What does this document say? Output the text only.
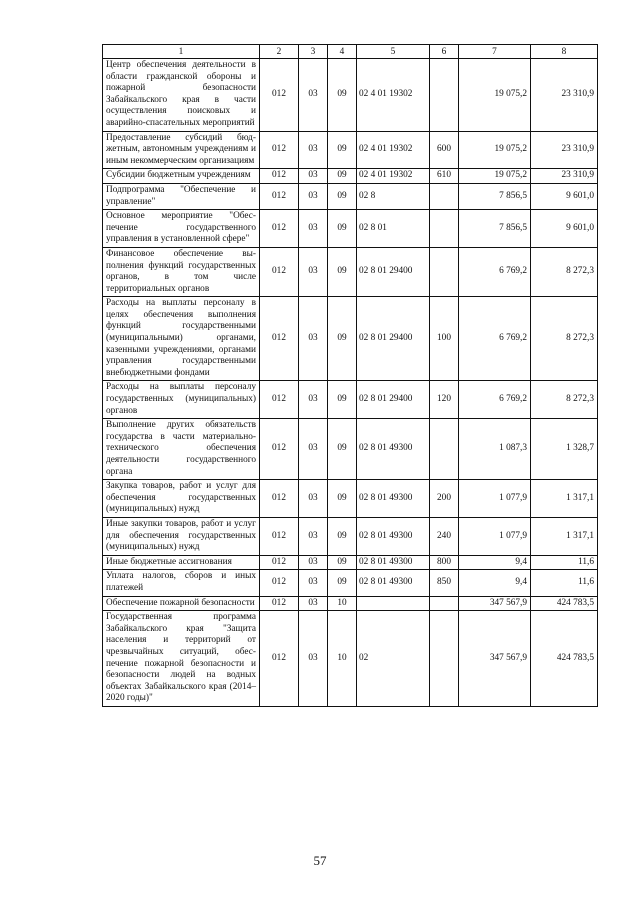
1	2	3	4	5	6	7	8
Центр обеспечения деятельности в области гражданской обороны и пожарной безопасности Забайкальского края в части осуществления поисковых и аварийно-спасательных мероприятий	012	03	09	02 4 01 19302		19 075,2	23 310,9
Предоставление субсидий бюджетным, автономным учреждениям и иным некоммерческим организациям	012	03	09	02 4 01 19302	600	19 075,2	23 310,9
Субсидии бюджетным учреждениям	012	03	09	02 4 01 19302	610	19 075,2	23 310,9
Подпрограмма "Обеспечение и управление"	012	03	09	02 8		7 856,5	9 601,0
Основное мероприятие "Обеспечение государственного управления в установленной сфере"	012	03	09	02 8 01		7 856,5	9 601,0
Финансовое обеспечение выполнения функций государственных органов, в том числе территориальных органов	012	03	09	02 8 01 29400		6 769,2	8 272,3
Расходы на выплаты персоналу в целях обеспечения выполнения функций государственными (муниципальными) органами, казенными учреждениями, органами управления государственными внебюджетными фондами	012	03	09	02 8 01 29400	100	6 769,2	8 272,3
Расходы на выплаты персоналу государственных (муниципальных) органов	012	03	09	02 8 01 29400	120	6 769,2	8 272,3
Выполнение других обязательств государства в части материально-технического обеспечения деятельности государственного органа	012	03	09	02 8 01 49300		1 087,3	1 328,7
Закупка товаров, работ и услуг для обеспечения государственных (муниципальных) нужд	012	03	09	02 8 01 49300	200	1 077,9	1 317,1
Иные закупки товаров, работ и услуг для обеспечения государственных (муниципальных) нужд	012	03	09	02 8 01 49300	240	1 077,9	1 317,1
Иные бюджетные ассигнования	012	03	09	02 8 01 49300	800	9,4	11,6
Уплата налогов, сборов и иных платежей	012	03	09	02 8 01 49300	850	9,4	11,6
Обеспечение пожарной безопасности	012	03	10			347 567,9	424 783,5
Государственная программа Забайкальского края "Защита населения и территорий от чрезвычайных ситуаций, обеспечение пожарной безопасности и безопасности людей на водных объектах Забайкальского края (2014–2020 годы)"	012	03	10	02		347 567,9	424 783,5
57
